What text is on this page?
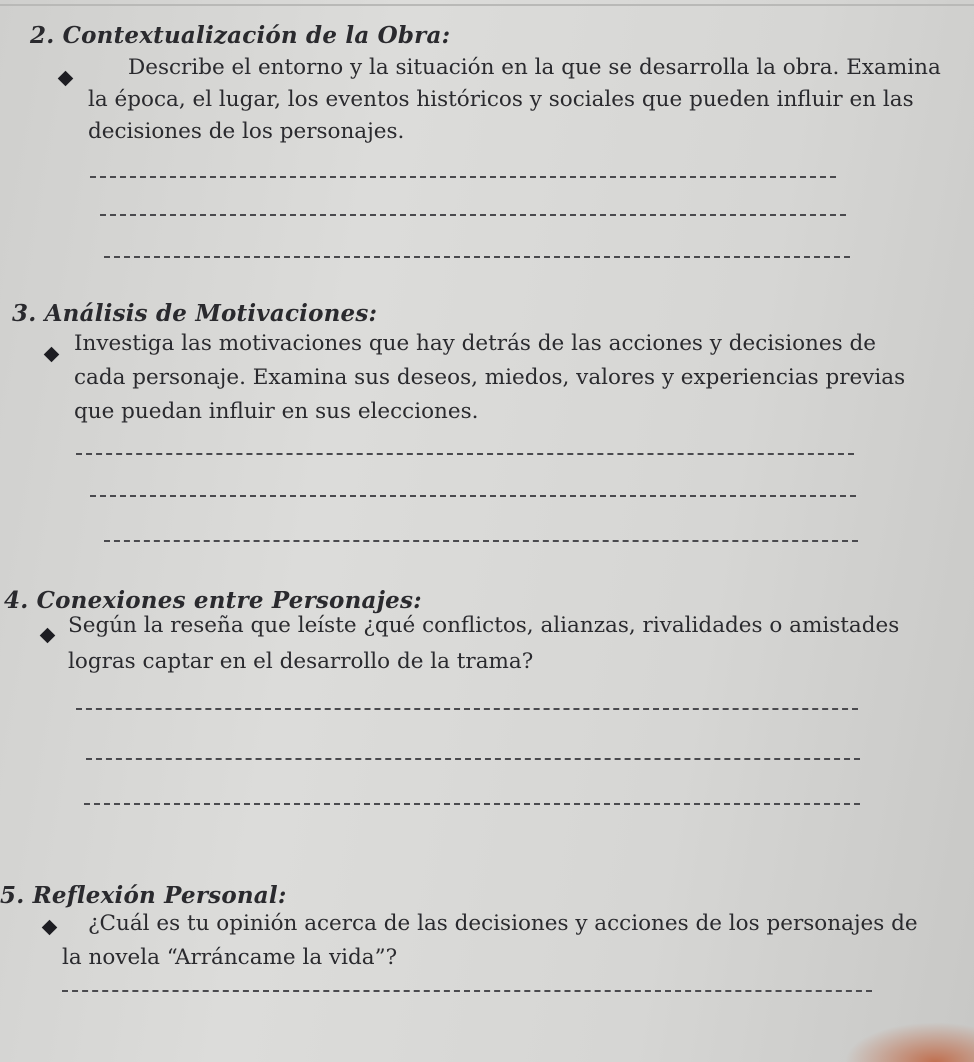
2. Contextualización de la Obra:
Describe el entorno y la situación en la que se desarrolla la obra. Examina
la época, el lugar, los eventos históricos y sociales que pueden influir en las
decisiones de los personajes.
3. Análisis de Motivaciones:
Investiga las motivaciones que hay detrás de las acciones y decisiones de
cada personaje. Examina sus deseos, miedos, valores y experiencias previas
que puedan influir en sus elecciones.
4. Conexiones entre Personajes:
Según la reseña que leíste ¿qué conflictos, alianzas, rivalidades o amistades
logras captar en el desarrollo de la trama?
5. Reflexión Personal:
¿Cuál es tu opinión acerca de las decisiones y acciones de los personajes de
la novela “Arráncame la vida”?
